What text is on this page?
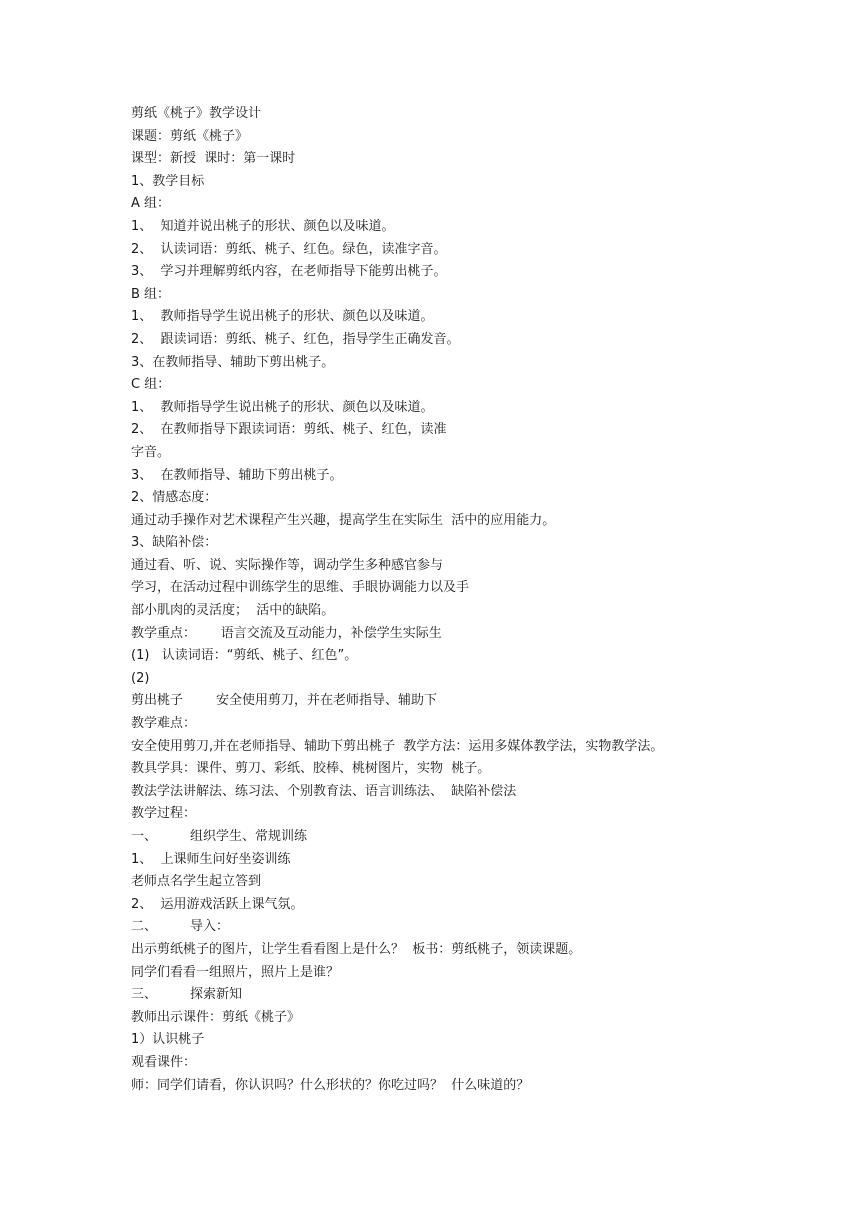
剪纸《桃子》教学设计
课题：剪纸《桃子》
课型：新授  课时：第一课时
1、教学目标
A 组：
1、  知道并说出桃子的形状、颜色以及味道。
2、  认读词语：剪纸、桃子、红色。绿色，读准字音。
3、  学习并理解剪纸内容，在老师指导下能剪出桃子。
B 组：
1、  教师指导学生说出桃子的形状、颜色以及味道。
2、  跟读词语：剪纸、桃子、红色，指导学生正确发音。
3、在教师指导、辅助下剪出桃子。
C 组：
1、  教师指导学生说出桃子的形状、颜色以及味道。
2、  在教师指导下跟读词语：剪纸、桃子、红色，读准
字音。
3、  在教师指导、辅助下剪出桃子。
2、情感态度：
通过动手操作对艺术课程产生兴趣，提高学生在实际生  活中的应用能力。
3、缺陷补偿：
通过看、听、说、实际操作等，调动学生多种感官参与
学习，在活动过程中训练学生的思维、手眼协调能力以及手
部小肌肉的灵活度；  活中的缺陷。
教学重点：      语言交流及互动能力，补偿学生实际生
(1)   认读词语：“剪纸、桃子、红色”。
(2)
剪出桃子        安全使用剪刀，并在老师指导、辅助下
教学难点：
安全使用剪刀,并在老师指导、辅助下剪出桃子  教学方法：运用多媒体教学法，实物教学法。
教具学具：课件、剪刀、彩纸、胶棒、桃树图片，实物  桃子。
教法学法讲解法、练习法、个别教育法、语言训练法、  缺陷补偿法
教学过程：
一、        组织学生、常规训练
1、  上课师生问好坐姿训练
老师点名学生起立答到
2、  运用游戏活跃上课气氛。
二、        导入：
出示剪纸桃子的图片，让学生看看图上是什么？  板书：剪纸桃子，领读课题。
同学们看看一组照片，照片上是谁？
三、        探索新知
教师出示课件：剪纸《桃子》
1）认识桃子
观看课件：
师：同学们请看，你认识吗？什么形状的？你吃过吗？  什么味道的？
